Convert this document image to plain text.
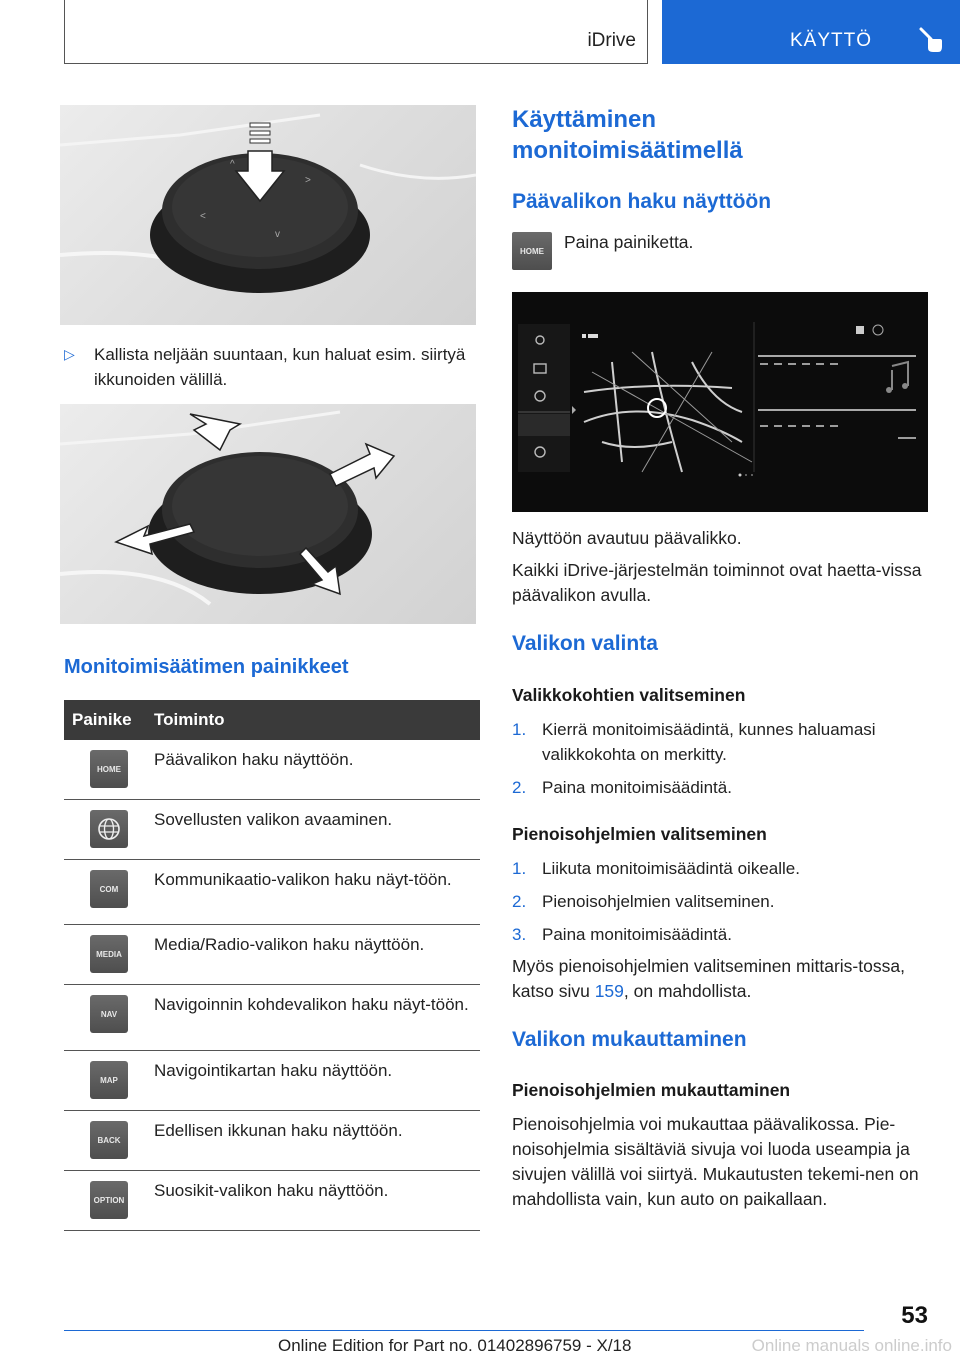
iDrive	KÄYTTÖ
^
>
<
v
▷	Kallista neljään suuntaan, kun haluat esim. siirtyä ikkunoiden välillä.
Monitoimisäätimen painikkeet
Painike	Toiminto
HOME	Päävalikon haku näyttöön.
Sovellusten valikon avaaminen.
COM	Kommunikaatio-valikon haku näyt-töön.
MEDIA	Media/Radio-valikon haku näyttöön.
NAV	Navigoinnin kohdevalikon haku näyt-töön.
MAP	Navigointikartan haku näyttöön.
BACK	Edellisen ikkunan haku näyttöön.
OPTION Suosikit-valikon haku näyttöön.
Käyttäminen monitoimisäätimellä
Päävalikon haku näyttöön
HOME	Paina painiketta.
Näyttöön avautuu päävalikko.
Kaikki iDrive-järjestelmän toiminnot ovat haetta-vissa päävalikon avulla.
Valikon valinta
Valikkokohtien valitseminen
1. Kierrä monitoimisäädintä, kunnes haluamasi valikkokohta on merkitty.
2. Paina monitoimisäädintä.
Pienoisohjelmien valitseminen
1. Liikuta monitoimisäädintä oikealle.
2. Pienoisohjelmien valitseminen.
3. Paina monitoimisäädintä.
Myös pienoisohjelmien valitseminen mittaris-tossa, katso sivu 159, on mahdollista.
Valikon mukauttaminen
Pienoisohjelmien mukauttaminen
Pienoisohjelmia voi mukauttaa päävalikossa. Pie-noisohjelmia sisältäviä sivuja voi luoda useampia ja sivujen välillä voi siirtyä. Mukautusten tekemi-nen on mahdollista vain, kun auto on paikallaan.
53
Online Edition for Part no. 01402896759 - X/18	Online manuals online.info
